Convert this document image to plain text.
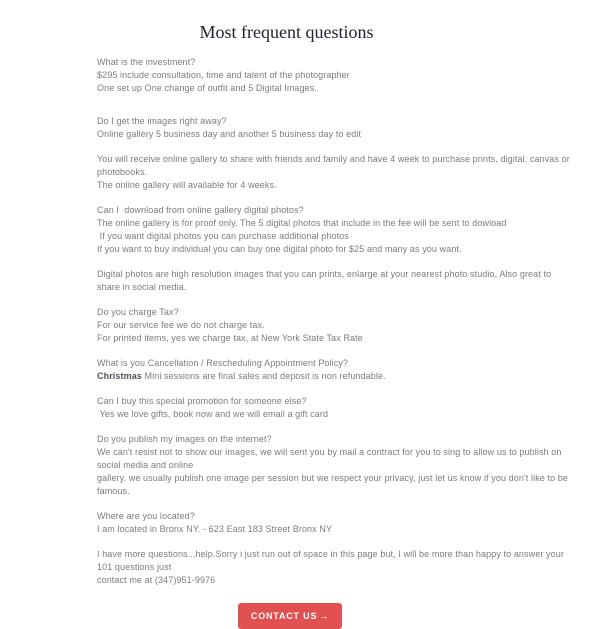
Most frequent questions

What is the investment?

$295 include consultation, time and talent of the photographer

One set up One change of outfit and 5 Digital Images.

Do I get the images right away?

Online gallery 5 business day and another 5 business day to edit

You will receive online gallery to share with friends and family and have 4 week to purchase prints, digital, canvas or photobooks.

The online gallery will available for 4 weeks.

Can I  download from online gallery digital photos?

The online gallery is for proof only. The 5 digital photos that include in the fee will be sent to dowload

If you want digital photos you can purchase additional photos

If you want to buy individual you can buy one digital photo for $25 and many as you want.

Digital photos are high resolution images that you can prints, enlarge at your nearest photo studio, Also great to share in social media.

Do you charge Tax?

For our service fee we do not charge tax.

For printed items, yes we charge tax, at New York State Tax Rate

What is you Cancellation / Rescheduling Appointment Policy?

Christmas Mini sessions are final sales and deposit is non refundable.

Can I buy this special promotion for someone else?

Yes we love gifts, book now and we will email a gift card

Do you publish my images on the internet?

We can't resist not to show our images, we will sent you by mail a contract for you to sing to allow us to publish on social media and online

gallery. we usually publish one image per session but we respect your privacy, just let us know if you don't like to be famous.

Where are you located?

I am located in Bronx NY. - 623 East 183 Street Bronx NY

I have more questions...help.Sorry i just run out of space in this page but, I will be more than happy to answer your 101 questions just

contact me at (347)951-9976

CONTACT US →
